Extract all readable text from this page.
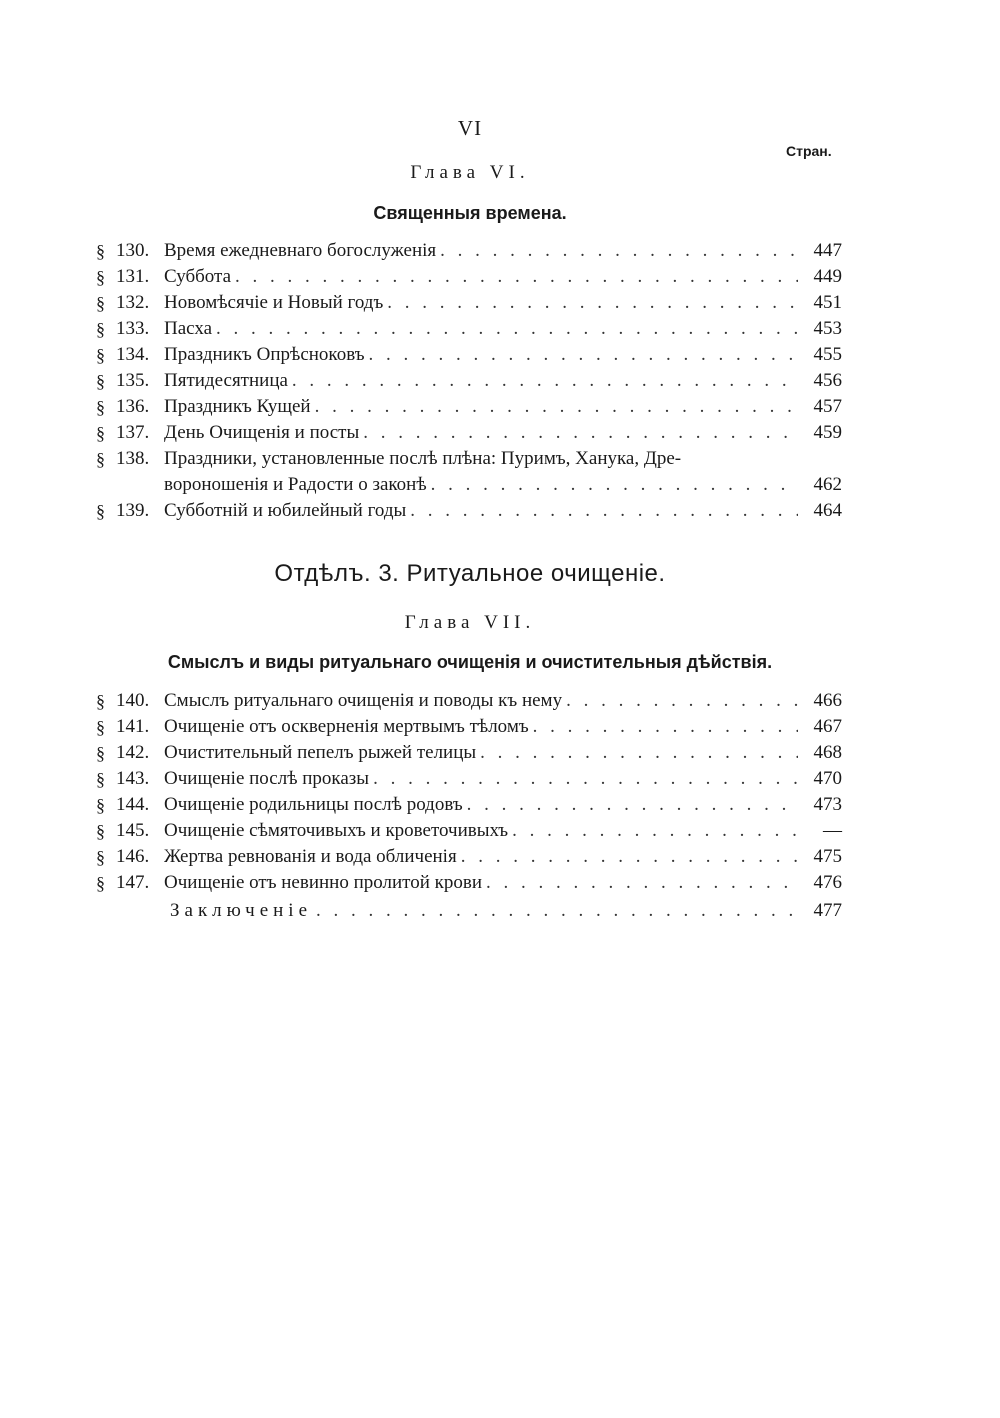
VI
Стран.
Глава VI.
Священныя времена.
§ 130. Время ежедневнаго богослуженія . . .	447
§ 131. Суббота . . .	449
§ 132. Новомѣсячіе и Новый годъ . . .	451
§ 133. Пасха . . .	453
§ 134. Праздникъ Опрѣсноковъ . . .	455
§ 135. Пятидесятница . . .	456
§ 136. Праздникъ Кущей . . .	457
§ 137. День Очищенія и посты . . .	459
§ 138. Праздники, установленные послѣ плѣна: Пуримъ, Ханука, Дре-
вороношенія и Радости о законѣ . . .	462
§ 139. Субботній и юбилейный годы . . .	464
Отдѣлъ. 3. Ритуальное очищеніе.
Глава VII.
Смыслъ и виды ритуальнаго очищенія и очистительныя дѣйствія.
§ 140. Смыслъ ритуальнаго очищенія и поводы къ нему . . .	466
§ 141. Очищеніе отъ оскверненія мертвымъ тѣломъ . . .	467
§ 142. Очистительный пепелъ рыжей телицы . . .	468
§ 143. Очищеніе послѣ проказы . . .	470
§ 144. Очищеніе родильницы послѣ родовъ . . .	473
§ 145. Очищеніе сѣмяточивыхъ и кроветочивыхъ . . .	—
§ 146. Жертва ревнованія и вода обличенія . . .	475
§ 147. Очищеніе отъ невинно пролитой крови . . .	476
Заключеніе . . .	477
